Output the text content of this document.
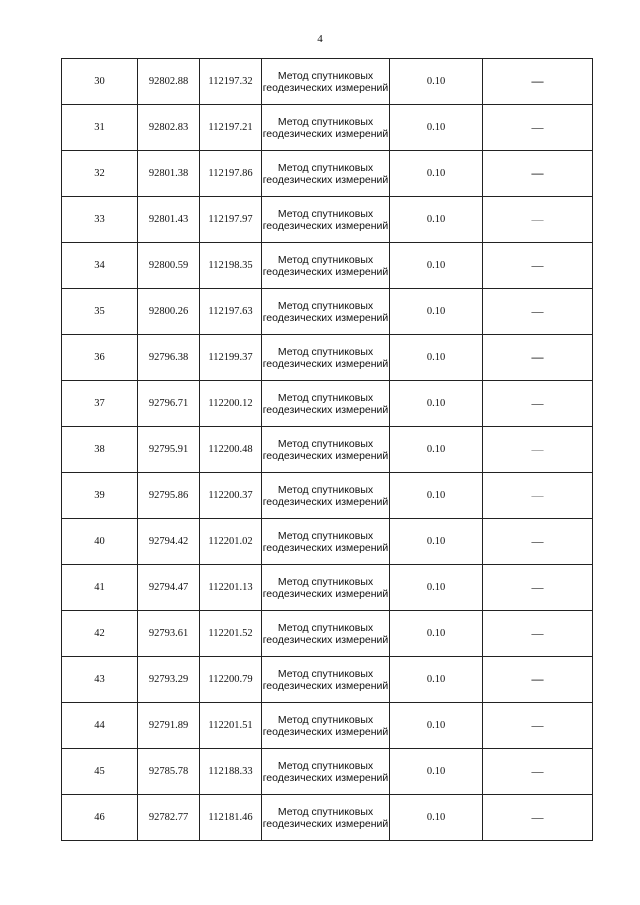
4
30	92802.88	112197.32	Метод спутниковых
геодезических измерений	0.10	—
31	92802.83	112197.21	Метод спутниковых
геодезических измерений	0.10	—
32	92801.38	112197.86	Метод спутниковых
геодезических измерений	0.10	—
33	92801.43	112197.97	Метод спутниковых
геодезических измерений	0.10	—
34	92800.59	112198.35	Метод спутниковых
геодезических измерений	0.10	—
35	92800.26	112197.63	Метод спутниковых
геодезических измерений	0.10	—
36	92796.38	112199.37	Метод спутниковых
геодезических измерений	0.10	—
37	92796.71	112200.12	Метод спутниковых
геодезических измерений	0.10	—
38	92795.91	112200.48	Метод спутниковых
геодезических измерений	0.10	—
39	92795.86	112200.37	Метод спутниковых
геодезических измерений	0.10	—
40	92794.42	112201.02	Метод спутниковых
геодезических измерений	0.10	—
41	92794.47	112201.13	Метод спутниковых
геодезических измерений	0.10	—
42	92793.61	112201.52	Метод спутниковых
геодезических измерений	0.10	—
43	92793.29	112200.79	Метод спутниковых
геодезических измерений	0.10	—
44	92791.89	112201.51	Метод спутниковых
геодезических измерений	0.10	—
45	92785.78	112188.33	Метод спутниковых
геодезических измерений	0.10	—
46	92782.77	112181.46	Метод спутниковых
геодезических измерений	0.10	—
